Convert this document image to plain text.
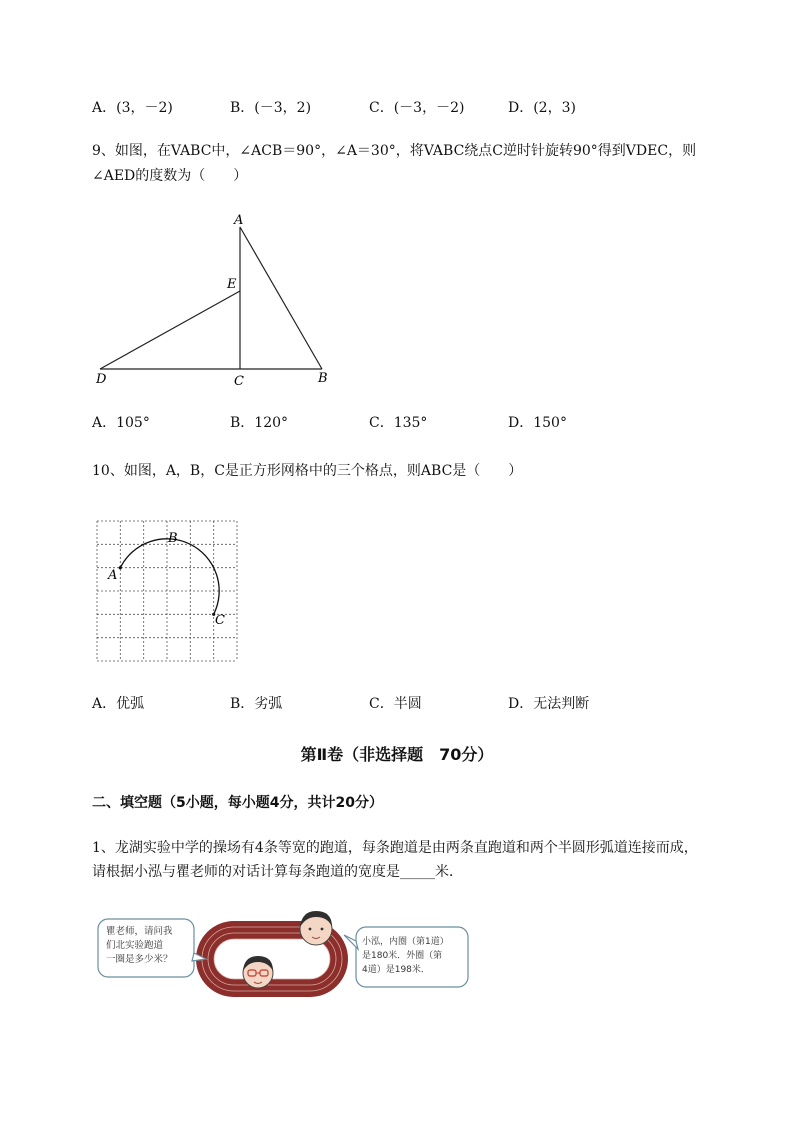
A．(3，－2)	B．(－3，2)	C．(－3，－2)	D．(2，3)
9、如图，在VABC中，∠ACB＝90°，∠A＝30°，将VABC绕点C逆时针旋转90°得到VDEC，则
∠AED的度数为（　　）
A
E
D	C	B
A．105°	B．120°	C．135°	D．150°
10、如图，A，B，C是正方形网格中的三个格点，则ABC是（　　）
B
A
C
A．优弧	B．劣弧	C．半圆	D．无法判断
第Ⅱ卷（非选择题　70分）
二、填空题（5小题，每小题4分，共计20分）
1、龙湖实验中学的操场有4条等宽的跑道，每条跑道是由两条直跑道和两个半圆形弧道连接而成，
请根据小泓与瞿老师的对话计算每条跑道的宽度是_____米．
瞿老师，请问我
们北实验跑道
一圈是多少米？
小泓，内圈（第1道）
是180米．外圈（第
4道）是198米．
